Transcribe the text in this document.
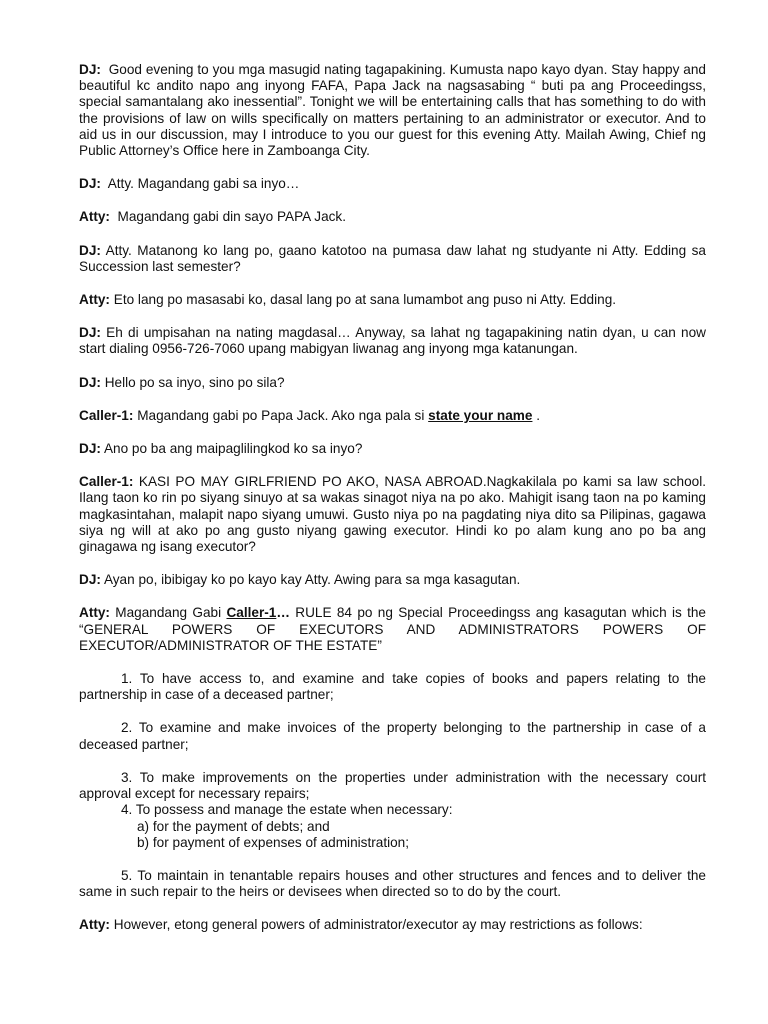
DJ: Good evening to you mga masugid nating tagapakining. Kumusta napo kayo dyan. Stay happy and beautiful kc andito napo ang inyong FAFA, Papa Jack na nagsasabing “ buti pa ang Proceedingss, special samantalang ako inessential”. Tonight we will be entertaining calls that has something to do with the provisions of law on wills specifically on matters pertaining to an administrator or executor. And to aid us in our discussion, may I introduce to you our guest for this evening Atty. Mailah Awing, Chief ng Public Attorney’s Office here in Zamboanga City.

DJ: Atty. Magandang gabi sa inyo…

Atty: Magandang gabi din sayo PAPA Jack.

DJ: Atty. Matanong ko lang po, gaano katotoo na pumasa daw lahat ng studyante ni Atty. Edding sa Succession last semester?

Atty: Eto lang po masasabi ko, dasal lang po at sana lumambot ang puso ni Atty. Edding.

DJ: Eh di umpisahan na nating magdasal… Anyway, sa lahat ng tagapakining natin dyan, u can now start dialing 0956-726-7060 upang mabigyan liwanag ang inyong mga katanungan.

DJ: Hello po sa inyo, sino po sila?

Caller-1: Magandang gabi po Papa Jack. Ako nga pala si state your name .

DJ: Ano po ba ang maipaglilingkod ko sa inyo?

Caller-1: KASI PO MAY GIRLFRIEND PO AKO, NASA ABROAD.Nagkakilala po kami sa law school. Ilang taon ko rin po siyang sinuyo at sa wakas sinagot niya na po ako. Mahigit isang taon na po kaming magkasintahan, malapit napo siyang umuwi. Gusto niya po na pagdating niya dito sa Pilipinas, gagawa siya ng will at ako po ang gusto niyang gawing executor. Hindi ko po alam kung ano po ba ang ginagawa ng isang executor?

DJ: Ayan po, ibibigay ko po kayo kay Atty. Awing para sa mga kasagutan.

Atty: Magandang Gabi Caller-1… RULE 84 po ng Special Proceedingss ang kasagutan which is the “GENERAL POWERS OF EXECUTORS AND ADMINISTRATORS POWERS OF EXECUTOR/ADMINISTRATOR OF THE ESTATE”

1. To have access to, and examine and take copies of books and papers relating to the partnership in case of a deceased partner;

2. To examine and make invoices of the property belonging to the partnership in case of a deceased partner;

3. To make improvements on the properties under administration with the necessary court approval except for necessary repairs;

4. To possess and manage the estate when necessary:

a) for the payment of debts; and
b) for payment of expenses of administration;

5. To maintain in tenantable repairs houses and other structures and fences and to deliver the same in such repair to the heirs or devisees when directed so to do by the court.

Atty: However, etong general powers of administrator/executor ay may restrictions as follows:
